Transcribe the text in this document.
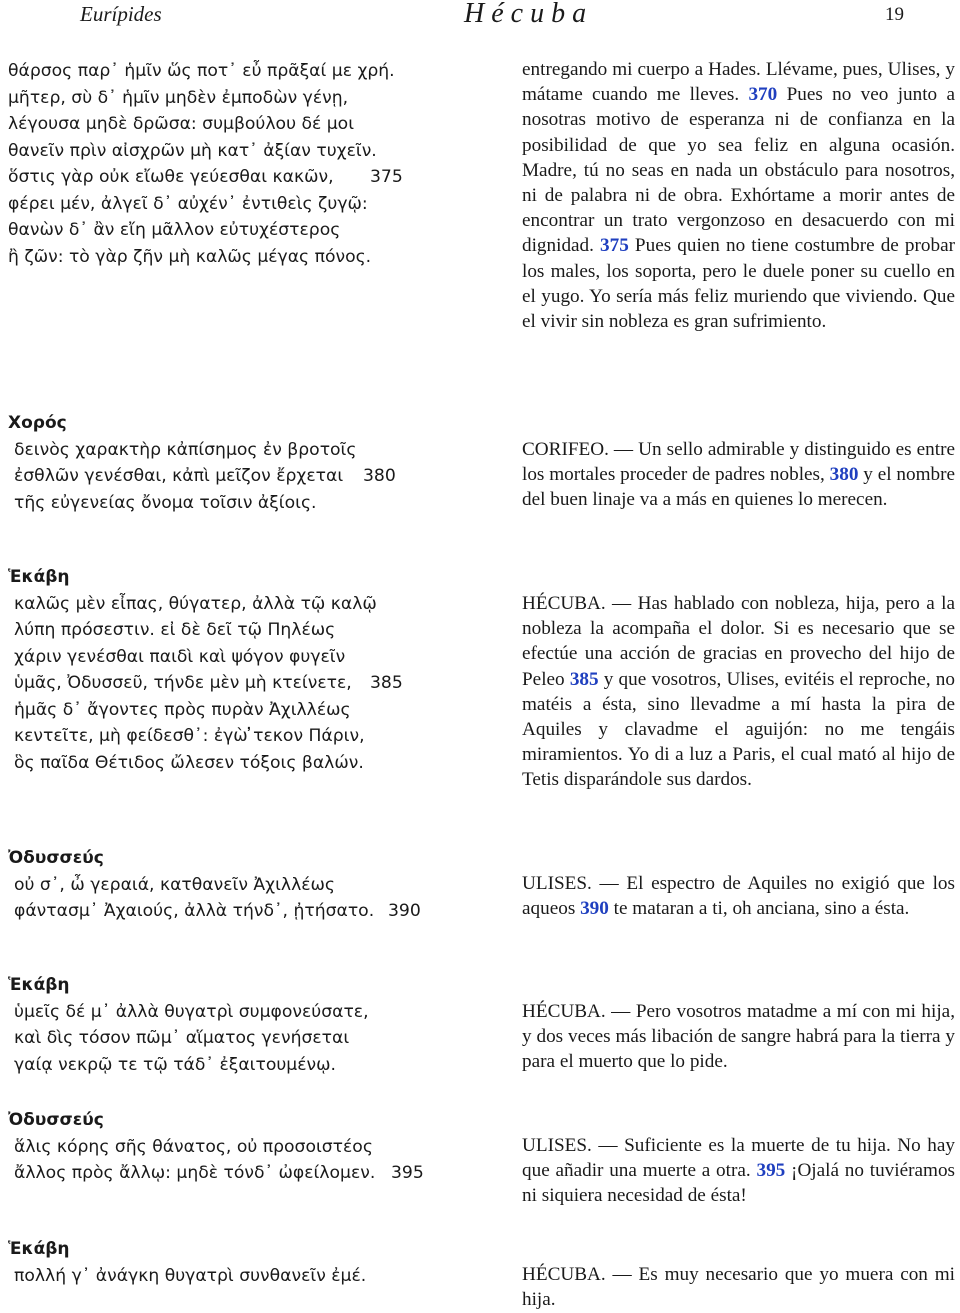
Eurípides	Hécuba	19
θάρσος παρ᾽ ἡμῖν ὥς ποτ᾽ εὖ πρᾶξαί με χρή.
μῆτερ, σὺ δ᾽ ἡμῖν μηδὲν ἐμποδὼν γένῃ,
λέγουσα μηδὲ δρῶσα: συμβούλου δέ μοι
θανεῖν πρὶν αἰσχρῶν μὴ κατ᾽ ἀξίαν τυχεῖν.
ὅστις γὰρ οὐκ εἴωθε γεύεσθαι κακῶν, 375
φέρει μέν, ἀλγεῖ δ᾽ αὐχέν᾽ ἐντιθεὶς ζυγῷ:
θανὼν δ᾽ ἂν εἴη μᾶλλον εὐτυχέστερος
ἢ ζῶν: τὸ γὰρ ζῆν μὴ καλῶς μέγας πόνος.
Χορός
δεινὸς χαρακτὴρ κἀπίσημος ἐν βροτοῖς
ἐσθλῶν γενέσθαι, κἀπὶ μεῖζον ἔρχεται 380
τῆς εὐγενείας ὄνομα τοῖσιν ἀξίοις.
Ἑκάβη
καλῶς μὲν εἶπας, θύγατερ, ἀλλὰ τῷ καλῷ
λύπη πρόσεστιν. εἰ δὲ δεῖ τῷ Πηλέως
χάριν γενέσθαι παιδὶ καὶ ψόγον φυγεῖν
ὑμᾶς, Ὀδυσσεῦ, τήνδε μὲν μὴ κτείνετε, 385
ἡμᾶς δ᾽ ἄγοντες πρὸς πυρὰν Ἀχιλλέως
κεντεῖτε, μὴ φείδεσθ᾽: ἐγὼ ̓τεκον Πάριν,
ὃς παῖδα Θέτιδος ὤλεσεν τόξοις βαλών.
Ὀδυσσεύς
οὐ σ᾽, ὦ γεραιά, κατθανεῖν Ἀχιλλέως
φάντασμ᾽ Ἀχαιούς, ἀλλὰ τήνδ᾽, ᾐτήσατο. 390
Ἑκάβη
ὑμεῖς δέ μ᾽ ἀλλὰ θυγατρὶ συμφονεύσατε,
καὶ δὶς τόσον πῶμ᾽ αἵματος γενήσεται
γαίᾳ νεκρῷ τε τῷ τάδ᾽ ἐξαιτουμένῳ.
Ὀδυσσεύς
ἅλις κόρης σῆς θάνατος, οὐ προσοιστέος
ἄλλος πρὸς ἄλλῳ: μηδὲ τόνδ᾽ ὠφείλομεν. 395
Ἑκάβη
πολλή γ᾽ ἀνάγκη θυγατρὶ συνθανεῖν ἐμέ.

entregando mi cuerpo a Hades. Llévame, pues, Ulises, y mátame cuando me lleves. 370 Pues no veo junto a nosotras motivo de esperanza ni de confianza en la posibilidad de que yo sea feliz en alguna ocasión. Madre, tú no seas en nada un obstáculo para nosotros, ni de palabra ni de obra. Exhórtame a morir antes de encontrar un trato vergonzoso en desacuerdo con mi dignidad. 375 Pues quien no tiene costumbre de probar los males, los soporta, pero le duele poner su cuello en el yugo. Yo sería más feliz muriendo que viviendo. Que el vivir sin nobleza es gran sufrimiento.

CORIFEO. — Un sello admirable y distinguido es entre los mortales proceder de padres nobles, 380 y el nombre del buen linaje va a más en quienes lo merecen.

HÉCUBA. — Has hablado con nobleza, hija, pero a la nobleza la acompaña el dolor. Si es necesario que se efectúe una acción de gracias en provecho del hijo de Peleo 385 y que vosotros, Ulises, evitéis el reproche, no matéis a ésta, sino llevadme a mí hasta la pira de Aquiles y clavadme el aguijón: no me tengáis miramientos. Yo di a luz a Paris, el cual mató al hijo de Tetis disparándole sus dardos.

ULISES. — El espectro de Aquiles no exigió que los aqueos 390 te mataran a ti, oh anciana, sino a ésta.

HÉCUBA. — Pero vosotros matadme a mí con mi hija, y dos veces más libación de sangre habrá para la tierra y para el muerto que lo pide.

ULISES. — Suficiente es la muerte de tu hija. No hay que añadir una muerte a otra. 395 ¡Ojalá no tuviéramos ni siquiera necesidad de ésta!

HÉCUBA. — Es muy necesario que yo muera con mi hija.
